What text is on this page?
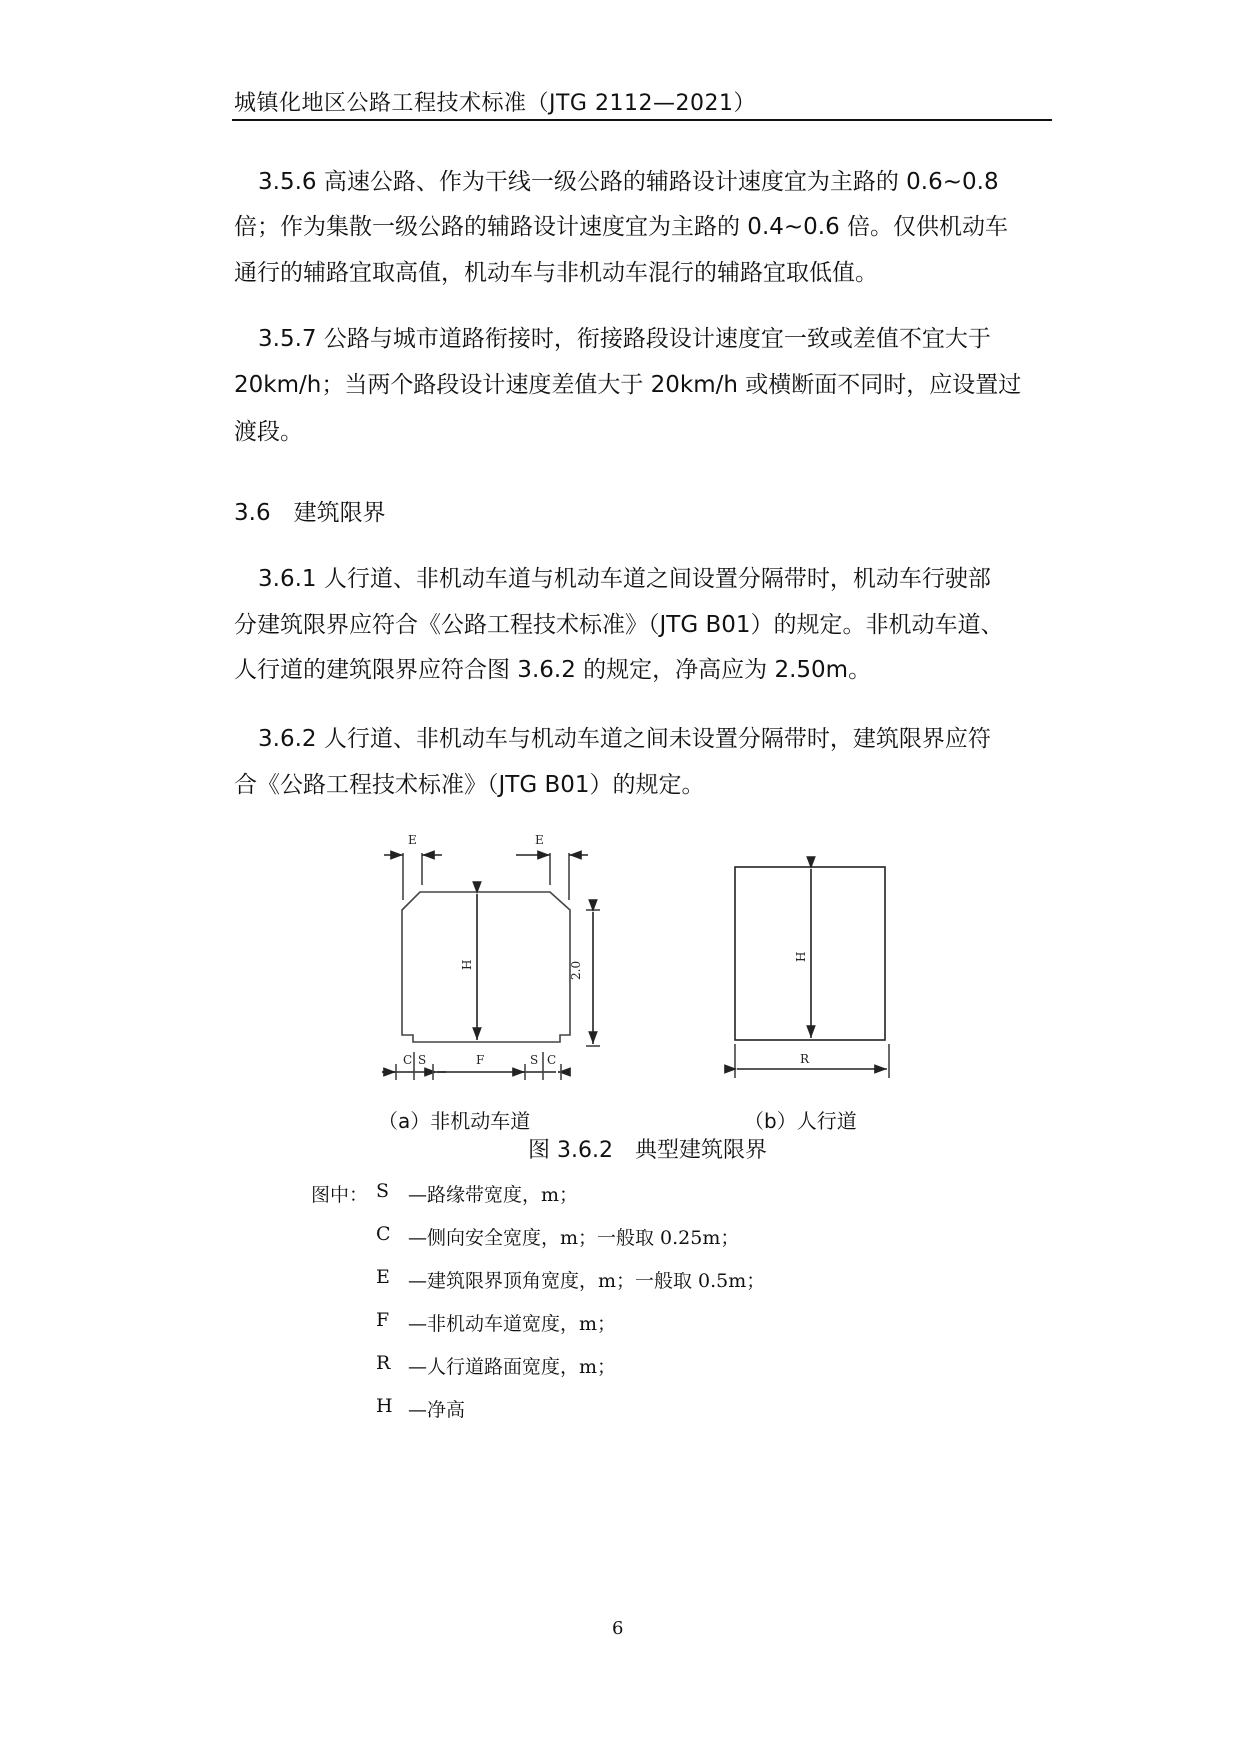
城镇化地区公路工程技术标准（JTG 2112—2021）
3.5.6 高速公路、作为干线一级公路的辅路设计速度宜为主路的 0.6~0.8
倍；作为集散一级公路的辅路设计速度宜为主路的 0.4~0.6 倍。仅供机动车
通行的辅路宜取高值，机动车与非机动车混行的辅路宜取低值。
3.5.7 公路与城市道路衔接时，衔接路段设计速度宜一致或差值不宜大于
20km/h；当两个路段设计速度差值大于 20km/h 或横断面不同时，应设置过
渡段。
3.6　建筑限界
3.6.1 人行道、非机动车道与机动车道之间设置分隔带时，机动车行驶部
分建筑限界应符合《公路工程技术标准》（JTG B01）的规定。非机动车道、
人行道的建筑限界应符合图 3.6.2 的规定，净高应为 2.50m。
3.6.2 人行道、非机动车与机动车道之间未设置分隔带时，建筑限界应符
合《公路工程技术标准》（JTG B01）的规定。
E	E
H	2.0
C S	F	S C
H
R
（a）非机动车道	（b）人行道
图 3.6.2　典型建筑限界
图中： S —路缘带宽度，m；
C —侧向安全宽度，m；一般取 0.25m；
E —建筑限界顶角宽度，m；一般取 0.5m；
F —非机动车道宽度，m；
R —人行道路面宽度，m；
H —净高
6
